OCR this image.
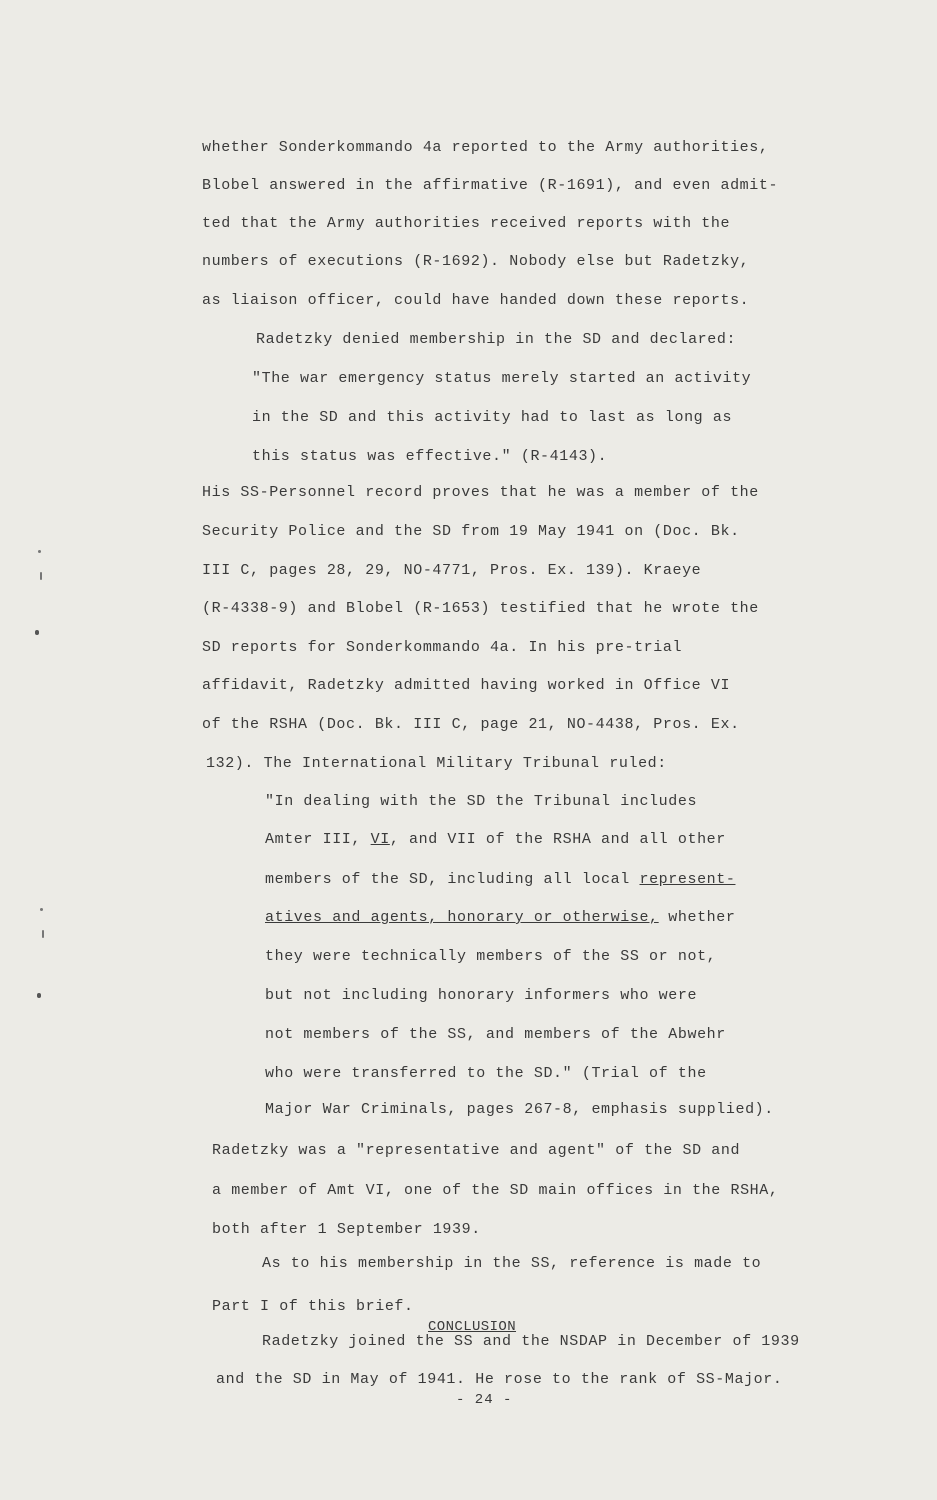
whether Sonderkommando 4a reported to the Army authorities,
Blobel answered in the affirmative (R-1691), and even admit-
ted that the Army authorities received reports with the
numbers of executions (R-1692). Nobody else but Radetzky,
as liaison officer, could have handed down these reports.
Radetzky denied membership in the SD and declared:
"The war emergency status merely started an activity
in the SD and this activity had to last as long as
this status was effective." (R-4143).
His SS-Personnel record proves that he was a member of the
Security Police and the SD from 19 May 1941 on (Doc. Bk.
III C, pages 28, 29, NO-4771, Pros. Ex. 139). Kraeye
(R-4338-9) and Blobel (R-1653) testified that he wrote the
SD reports for Sonderkommando 4a. In his pre-trial
affidavit, Radetzky admitted having worked in Office VI
of the RSHA (Doc. Bk. III C, page 21, NO-4438, Pros. Ex.
132). The International Military Tribunal ruled:
"In dealing with the SD the Tribunal includes
Amter III, VI, and VII of the RSHA and all other
members of the SD, including all local represent-
atives and agents, honorary or otherwise, whether
they were technically members of the SS or not,
but not including honorary informers who were
not members of the SS, and members of the Abwehr
who were transferred to the SD." (Trial of the
Major War Criminals, pages 267-8, emphasis supplied).
Radetzky was a "representative and agent" of the SD and
a member of Amt VI, one of the SD main offices in the RSHA,
both after 1 September 1939.
As to his membership in the SS, reference is made to
Part I of this brief.
CONCLUSION
Radetzky joined the SS and the NSDAP in December of 1939
and the SD in May of 1941. He rose to the rank of SS-Major.
- 24 -
